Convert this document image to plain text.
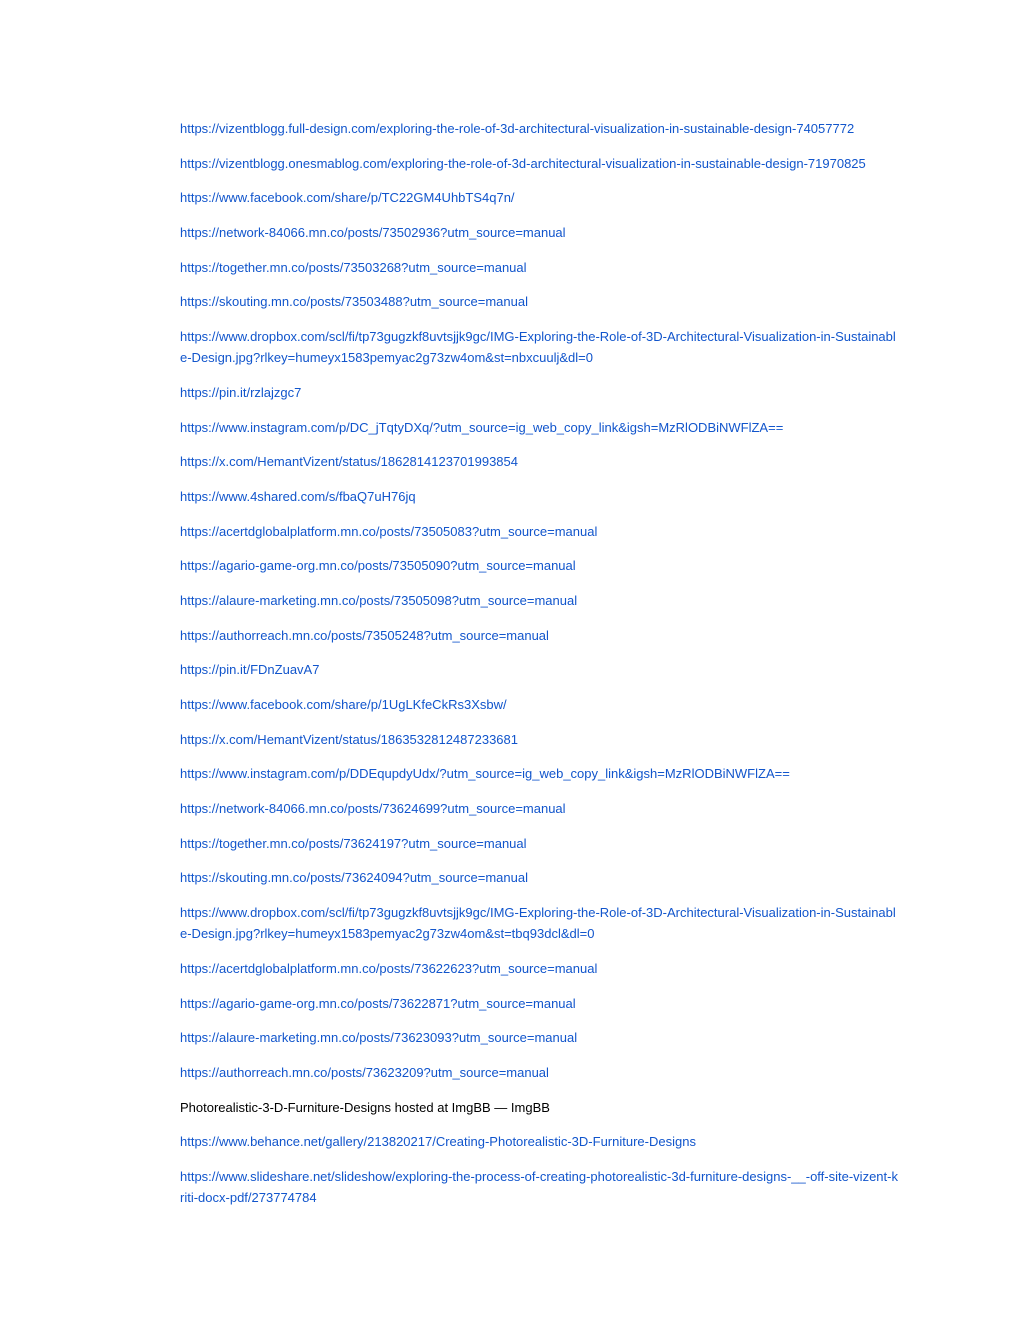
https://vizentblogg.full-design.com/exploring-the-role-of-3d-architectural-visualization-in-sustainable-design-74057772
https://vizentblogg.onesmablog.com/exploring-the-role-of-3d-architectural-visualization-in-sustainable-design-71970825
https://www.facebook.com/share/p/TC22GM4UhbTS4q7n/
https://network-84066.mn.co/posts/73502936?utm_source=manual
https://together.mn.co/posts/73503268?utm_source=manual
https://skouting.mn.co/posts/73503488?utm_source=manual
https://www.dropbox.com/scl/fi/tp73gugzkf8uvtsjjk9gc/IMG-Exploring-the-Role-of-3D-Architectural-Visualization-in-Sustainable-Design.jpg?rlkey=humeyx1583pemyac2g73zw4om&st=nbxcuulj&dl=0
https://pin.it/rzlajzgc7
https://www.instagram.com/p/DC_jTqtyDXq/?utm_source=ig_web_copy_link&igsh=MzRlODBiNWFlZA==
https://x.com/HemantVizent/status/1862814123701993854
https://www.4shared.com/s/fbaQ7uH76jq
https://acertdglobalplatform.mn.co/posts/73505083?utm_source=manual
https://agario-game-org.mn.co/posts/73505090?utm_source=manual
https://alaure-marketing.mn.co/posts/73505098?utm_source=manual
https://authorreach.mn.co/posts/73505248?utm_source=manual
https://pin.it/FDnZuavA7
https://www.facebook.com/share/p/1UgLKfeCkRs3Xsbw/
https://x.com/HemantVizent/status/1863532812487233681
https://www.instagram.com/p/DDEqupdyUdx/?utm_source=ig_web_copy_link&igsh=MzRlODBiNWFlZA==
https://network-84066.mn.co/posts/73624699?utm_source=manual
https://together.mn.co/posts/73624197?utm_source=manual
https://skouting.mn.co/posts/73624094?utm_source=manual
https://www.dropbox.com/scl/fi/tp73gugzkf8uvtsjjk9gc/IMG-Exploring-the-Role-of-3D-Architectural-Visualization-in-Sustainable-Design.jpg?rlkey=humeyx1583pemyac2g73zw4om&st=tbq93dcl&dl=0
https://acertdglobalplatform.mn.co/posts/73622623?utm_source=manual
https://agario-game-org.mn.co/posts/73622871?utm_source=manual
https://alaure-marketing.mn.co/posts/73623093?utm_source=manual
https://authorreach.mn.co/posts/73623209?utm_source=manual
Photorealistic-3-D-Furniture-Designs hosted at ImgBB — ImgBB
https://www.behance.net/gallery/213820217/Creating-Photorealistic-3D-Furniture-Designs
https://www.slideshare.net/slideshow/exploring-the-process-of-creating-photorealistic-3d-furniture-designs-__-off-site-vizent-kriti-docx-pdf/273774784
